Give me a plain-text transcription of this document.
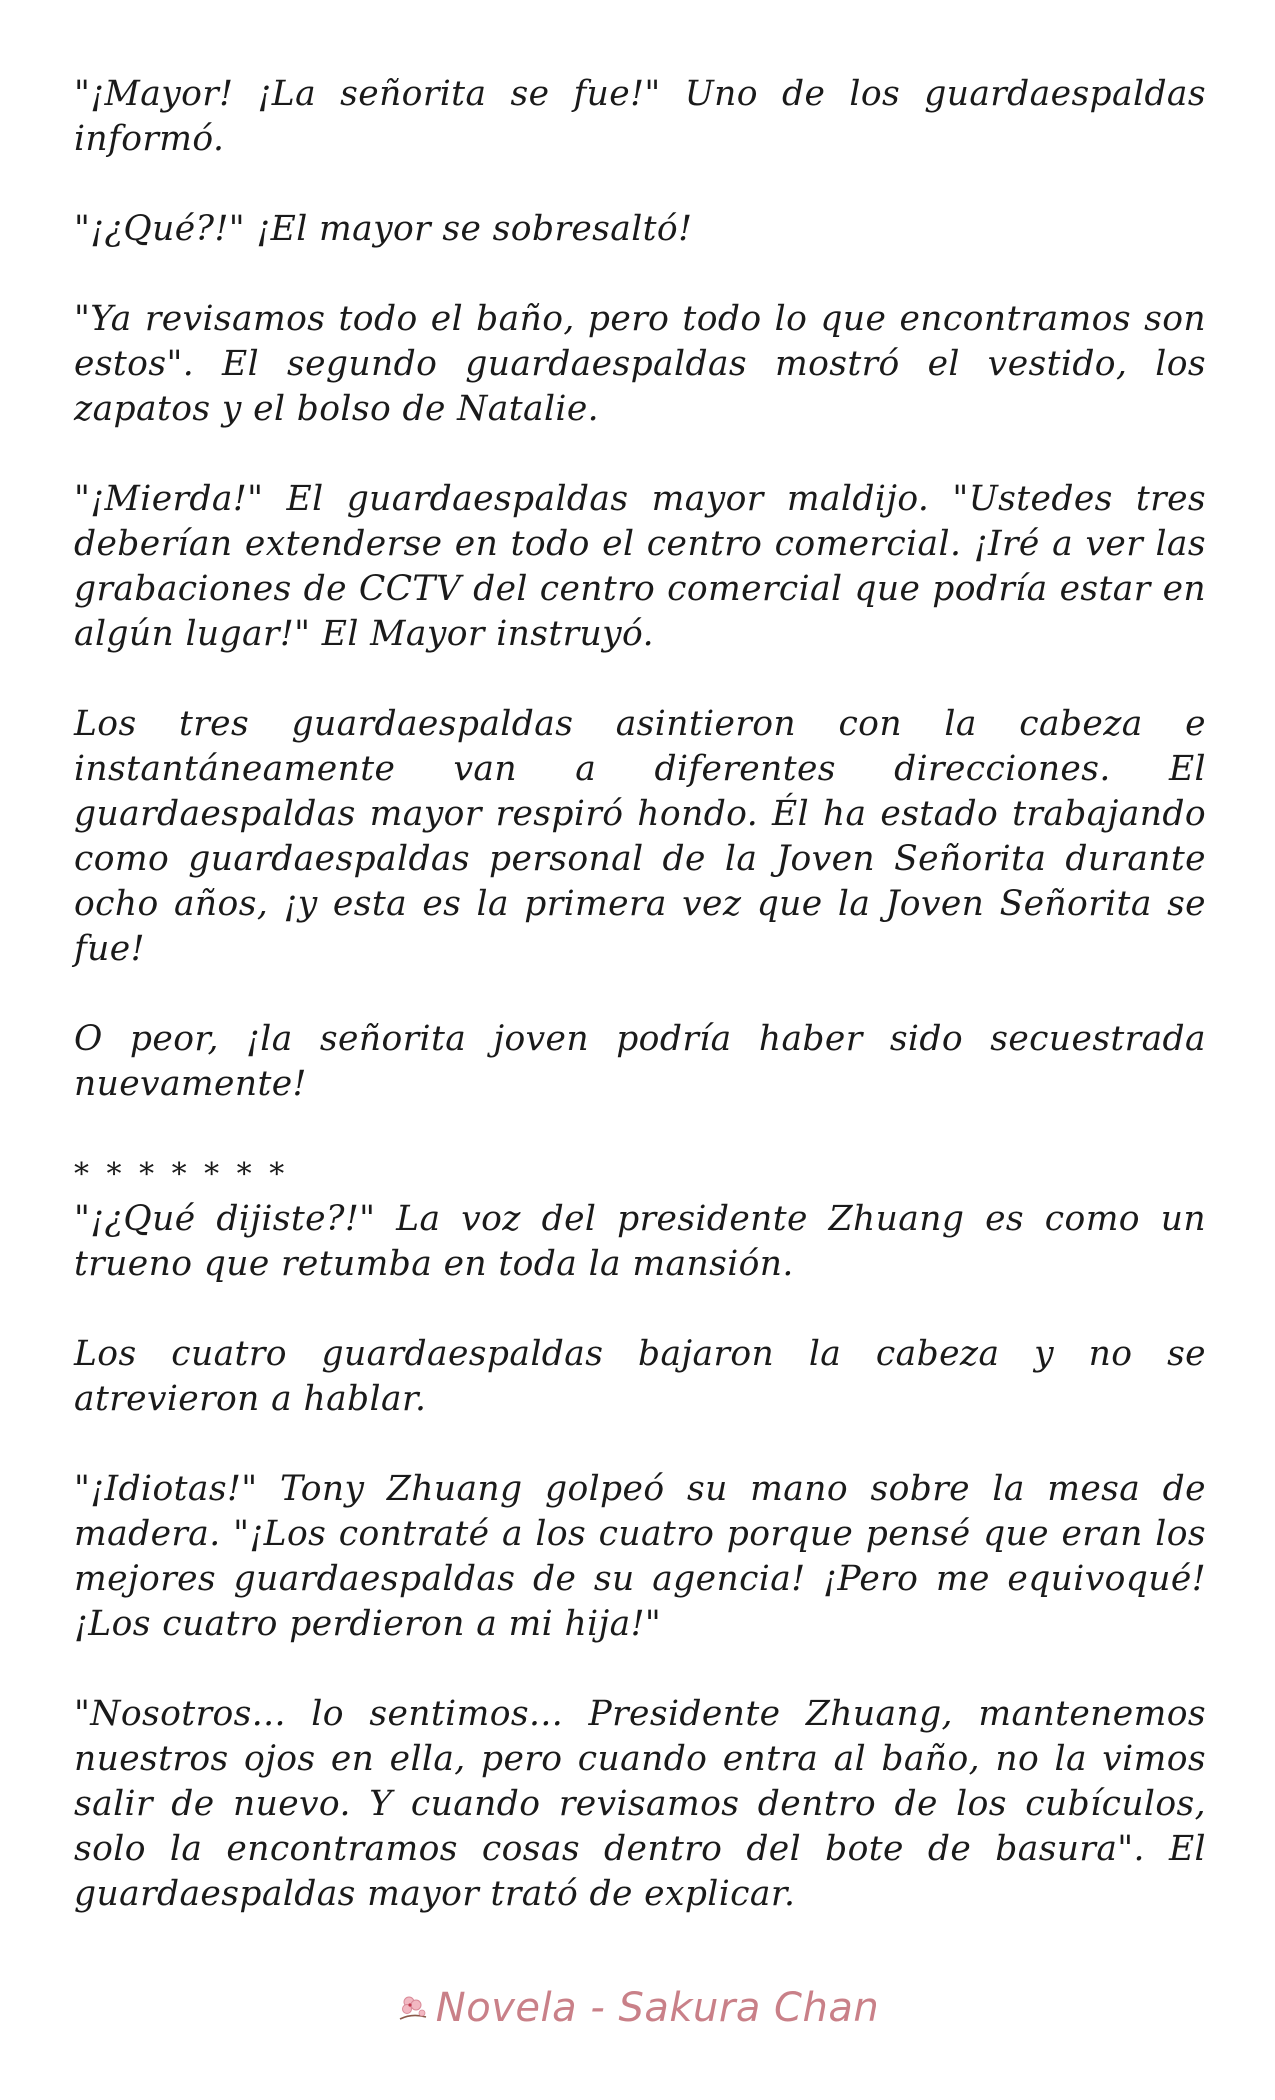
"¡Mayor! ¡La señorita se fue!" Uno de los guardaespaldas informó.

"¡¿Qué?!" ¡El mayor se sobresaltó!

"Ya revisamos todo el baño, pero todo lo que encontramos son estos". El segundo guardaespaldas mostró el vestido, los zapatos y el bolso de Natalie.

"¡Mierda!" El guardaespaldas mayor maldijo. "Ustedes tres deberían extenderse en todo el centro comercial. ¡Iré a ver las grabaciones de CCTV del centro comercial que podría estar en algún lugar!" El Mayor instruyó.

Los tres guardaespaldas asintieron con la cabeza e instantáneamente van a diferentes direcciones. El guardaespaldas mayor respiró hondo. Él ha estado trabajando como guardaespaldas personal de la Joven Señorita durante ocho años, ¡y esta es la primera vez que la Joven Señorita se fue!

O peor, ¡la señorita joven podría haber sido secuestrada nuevamente!

* * * * * * *

"¡¿Qué dijiste?!" La voz del presidente Zhuang es como un trueno que retumba en toda la mansión.

Los cuatro guardaespaldas bajaron la cabeza y no se atrevieron a hablar.

"¡Idiotas!" Tony Zhuang golpeó su mano sobre la mesa de madera. "¡Los contraté a los cuatro porque pensé que eran los mejores guardaespaldas de su agencia! ¡Pero me equivoqué! ¡Los cuatro perdieron a mi hija!"

"Nosotros... lo sentimos... Presidente Zhuang, mantenemos nuestros ojos en ella, pero cuando entra al baño, no la vimos salir de nuevo. Y cuando revisamos dentro de los cubículos, solo la encontramos cosas dentro del bote de basura". El guardaespaldas mayor trató de explicar.

Novela - Sakura Chan
